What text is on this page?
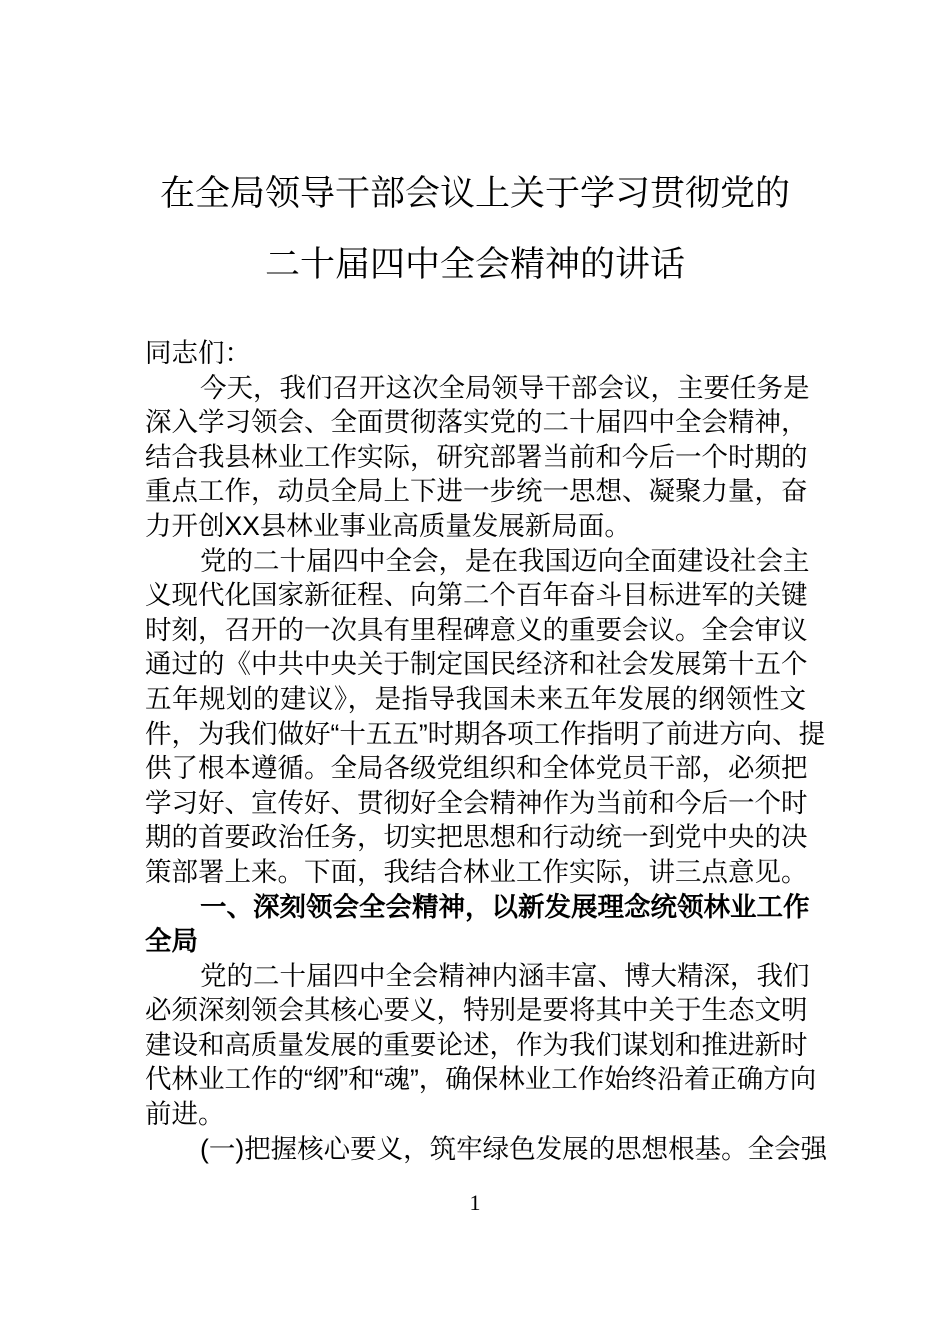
在全局领导干部会议上关于学习贯彻党的
二十届四中全会精神的讲话
同志们：
今天，我们召开这次全局领导干部会议，主要任务是
深入学习领会、全面贯彻落实党的二十届四中全会精神，
结合我县林业工作实际，研究部署当前和今后一个时期的
重点工作，动员全局上下进一步统一思想、凝聚力量，奋
力开创XX县林业事业高质量发展新局面。
党的二十届四中全会，是在我国迈向全面建设社会主
义现代化国家新征程、向第二个百年奋斗目标进军的关键
时刻，召开的一次具有里程碑意义的重要会议。全会审议
通过的《中共中央关于制定国民经济和社会发展第十五个
五年规划的建议》，是指导我国未来五年发展的纲领性文
件，为我们做好“十五五”时期各项工作指明了前进方向、提
供了根本遵循。全局各级党组织和全体党员干部，必须把
学习好、宣传好、贯彻好全会精神作为当前和今后一个时
期的首要政治任务，切实把思想和行动统一到党中央的决
策部署上来。下面，我结合林业工作实际，讲三点意见。
一、深刻领会全会精神，以新发展理念统领林业工作
全局
党的二十届四中全会精神内涵丰富、博大精深，我们
必须深刻领会其核心要义，特别是要将其中关于生态文明
建设和高质量发展的重要论述，作为我们谋划和推进新时
代林业工作的“纲”和“魂”，确保林业工作始终沿着正确方向
前进。
(一)把握核心要义，筑牢绿色发展的思想根基。全会强
1
